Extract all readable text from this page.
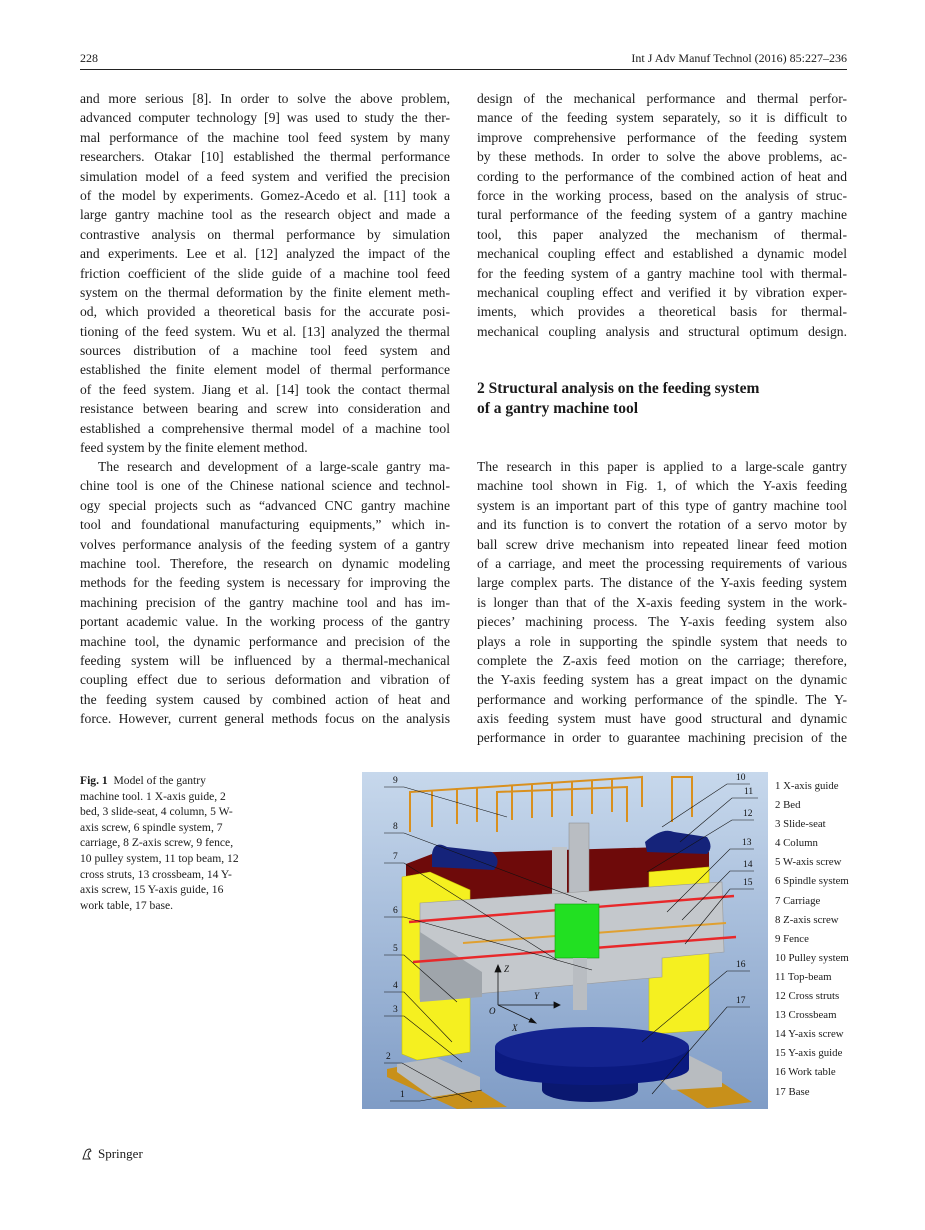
228	Int J Adv Manuf Technol (2016) 85:227–236
and more serious [8]. In order to solve the above problem,
advanced computer technology [9] was used to study the ther-
mal performance of the machine tool feed system by many
researchers. Otakar [10] established the thermal performance
simulation model of a feed system and verified the precision
of the model by experiments. Gomez-Acedo et al. [11] took a
large gantry machine tool as the research object and made a
contrastive analysis on thermal performance by simulation
and experiments. Lee et al. [12] analyzed the impact of the
friction coefficient of the slide guide of a machine tool feed
system on the thermal deformation by the finite element meth-
od, which provided a theoretical basis for the accurate posi-
tioning of the feed system. Wu et al. [13] analyzed the thermal
sources distribution of a machine tool feed system and
established the finite element model of thermal performance
of the feed system. Jiang et al. [14] took the contact thermal
resistance between bearing and screw into consideration and
established a comprehensive thermal model of a machine tool
feed system by the finite element method.
The research and development of a large-scale gantry ma-
chine tool is one of the Chinese national science and technol-
ogy special projects such as “advanced CNC gantry machine
tool and foundational manufacturing equipments,” which in-
volves performance analysis of the feeding system of a gantry
machine tool. Therefore, the research on dynamic modeling
methods for the feeding system is necessary for improving the
machining precision of the gantry machine tool and has im-
portant academic value. In the working process of the gantry
machine tool, the dynamic performance and precision of the
feeding system will be influenced by a thermal-mechanical
coupling effect due to serious deformation and vibration of
the feeding system caused by combined action of heat and
force. However, current general methods focus on the analysis
design of the mechanical performance and thermal perfor-
mance of the feeding system separately, so it is difficult to
improve comprehensive performance of the feeding system
by these methods. In order to solve the above problems, ac-
cording to the performance of the combined action of heat and
force in the working process, based on the analysis of struc-
tural performance of the feeding system of a gantry machine
tool, this paper analyzed the mechanism of thermal-
mechanical coupling effect and established a dynamic model
for the feeding system of a gantry machine tool with thermal-
mechanical coupling effect and verified it by vibration exper-
iments, which provides a theoretical basis for thermal-
mechanical coupling analysis and structural optimum design.
2 Structural analysis on the feeding system
of a gantry machine tool
The research in this paper is applied to a large-scale gantry
machine tool shown in Fig. 1, of which the Y-axis feeding
system is an important part of this type of gantry machine tool
and its function is to convert the rotation of a servo motor by
ball screw drive mechanism into repeated linear feed motion
of a carriage, and meet the processing requirements of various
large complex parts. The distance of the Y-axis feeding system
is longer than that of the X-axis feeding system in the work-
pieces’ machining process. The Y-axis feeding system also
plays a role in supporting the spindle system that needs to
complete the Z-axis feed motion on the carriage; therefore,
the Y-axis feeding system has a great impact on the dynamic
performance and working performance of the spindle. The Y-
axis feeding system must have good structural and dynamic
performance in order to guarantee machining precision of the
Fig. 1 Model of the gantry
machine tool. 1 X-axis guide, 2
bed, 3 slide-seat, 4 column, 5 W-
axis screw, 6 spindle system, 7
carriage, 8 Z-axis screw, 9 fence,
10 pulley system, 11 top beam, 12
cross struts, 13 crossbeam, 14 Y-
axis screw, 15 Y-axis guide, 16
work table, 17 base.
Z
Y
X
O
1
2
3
4
5
6
7
8
9	10
11
12
13
14
15
16
17
1 X-axis guide
2 Bed
3 Slide-seat
4 Column
5 W-axis screw
6 Spindle system
7 Carriage
8 Z-axis screw
9 Fence
10 Pulley system
11 Top-beam
12 Cross struts
13 Crossbeam
14 Y-axis screw
15 Y-axis guide
16 Work table
17 Base
Springer
